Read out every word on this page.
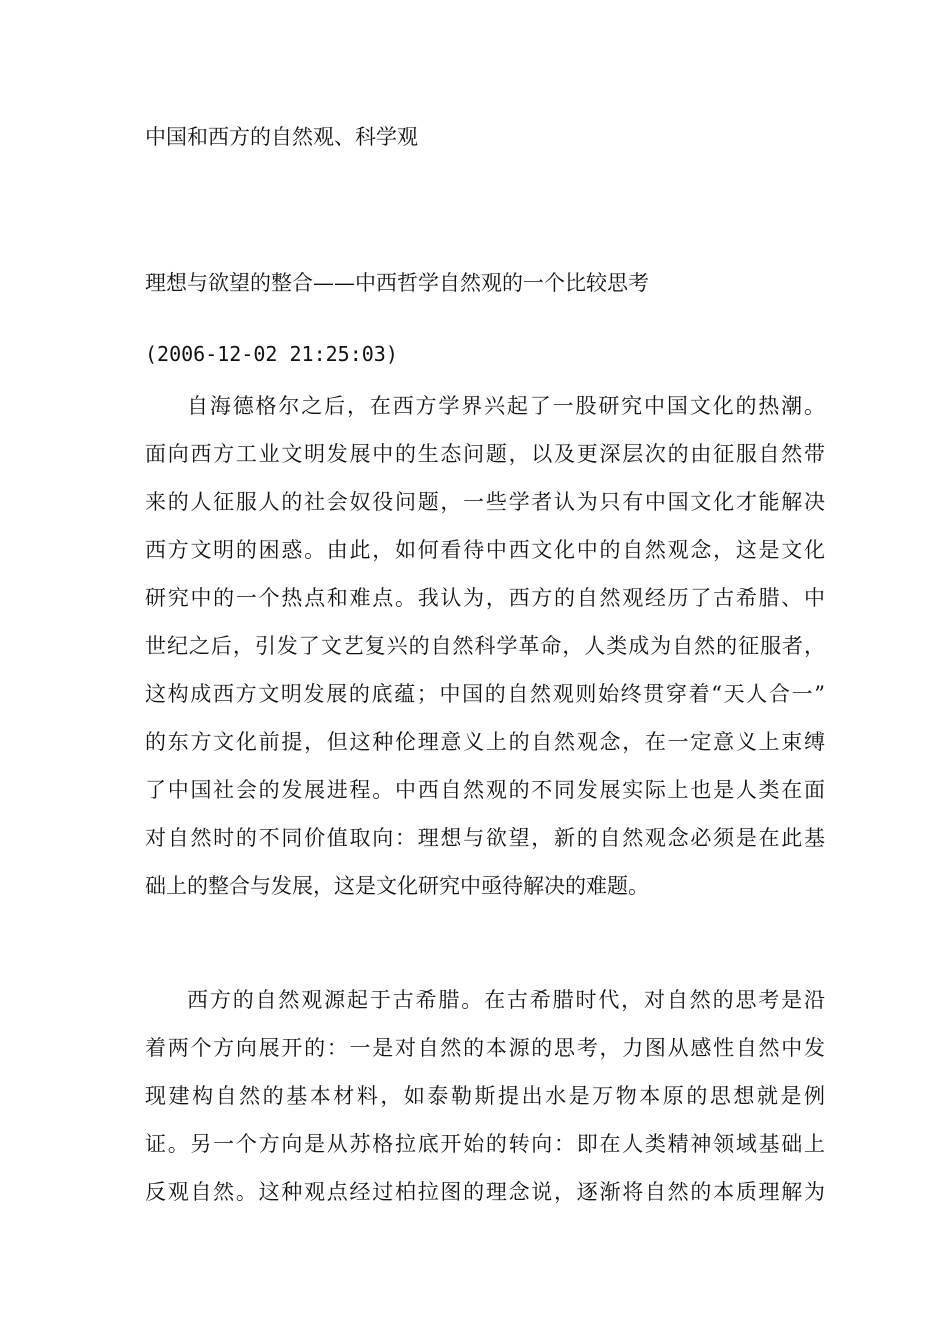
中国和西方的自然观、科学观
理想与欲望的整合——中西哲学自然观的一个比较思考
(2006-12-02 21:25:03)
自海德格尔之后，在西方学界兴起了一股研究中国文化的热潮。
面向西方工业文明发展中的生态问题，以及更深层次的由征服自然带
来的人征服人的社会奴役问题，一些学者认为只有中国文化才能解决
西方文明的困惑。由此，如何看待中西文化中的自然观念，这是文化
研究中的一个热点和难点。我认为，西方的自然观经历了古希腊、中
世纪之后，引发了文艺复兴的自然科学革命，人类成为自然的征服者，
这构成西方文明发展的底蕴；中国的自然观则始终贯穿着“天人合一”
的东方文化前提，但这种伦理意义上的自然观念，在一定意义上束缚
了中国社会的发展进程。中西自然观的不同发展实际上也是人类在面
对自然时的不同价值取向：理想与欲望，新的自然观念必须是在此基
础上的整合与发展，这是文化研究中亟待解决的难题。
西方的自然观源起于古希腊。在古希腊时代，对自然的思考是沿
着两个方向展开的：一是对自然的本源的思考，力图从感性自然中发
现建构自然的基本材料，如泰勒斯提出水是万物本原的思想就是例
证。另一个方向是从苏格拉底开始的转向：即在人类精神领域基础上
反观自然。这种观点经过柏拉图的理念说，逐渐将自然的本质理解为
